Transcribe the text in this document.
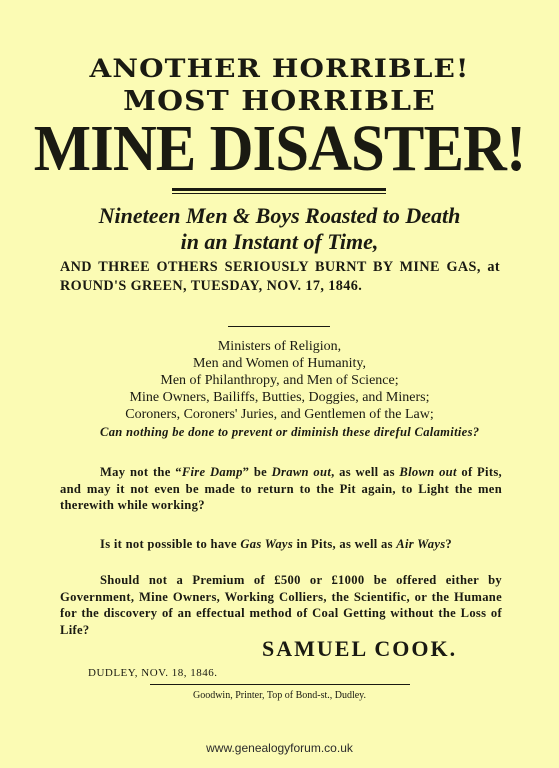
ANOTHER HORRIBLE!
MOST HORRIBLE
MINE DISASTER!
Nineteen Men & Boys Roasted to Death
in an Instant of Time,
AND THREE OTHERS SERIOUSLY BURNT BY MINE GAS, at ROUND'S GREEN, TUESDAY, NOV. 17, 1846.
Ministers of Religion,
Men and Women of Humanity,
Men of Philanthropy, and Men of Science;
Mine Owners, Bailiffs, Butties, Doggies, and Miners;
Coroners, Coroners' Juries, and Gentlemen of the Law;
Can nothing be done to prevent or diminish these direful Calamities?
May not the “Fire Damp” be Drawn out, as well as Blown out of Pits, and may it not even be made to return to the Pit again, to Light the men therewith while working?
Is it not possible to have Gas Ways in Pits, as well as Air Ways?
Should not a Premium of £500 or £1000 be offered either by Government, Mine Owners, Working Colliers, the Scientific, or the Humane for the discovery of an effectual method of Coal Getting without the Loss of Life?
SAMUEL COOK.
DUDLEY, NOV. 18, 1846.
Goodwin, Printer, Top of Bond-st., Dudley.
www.genealogyforum.co.uk
